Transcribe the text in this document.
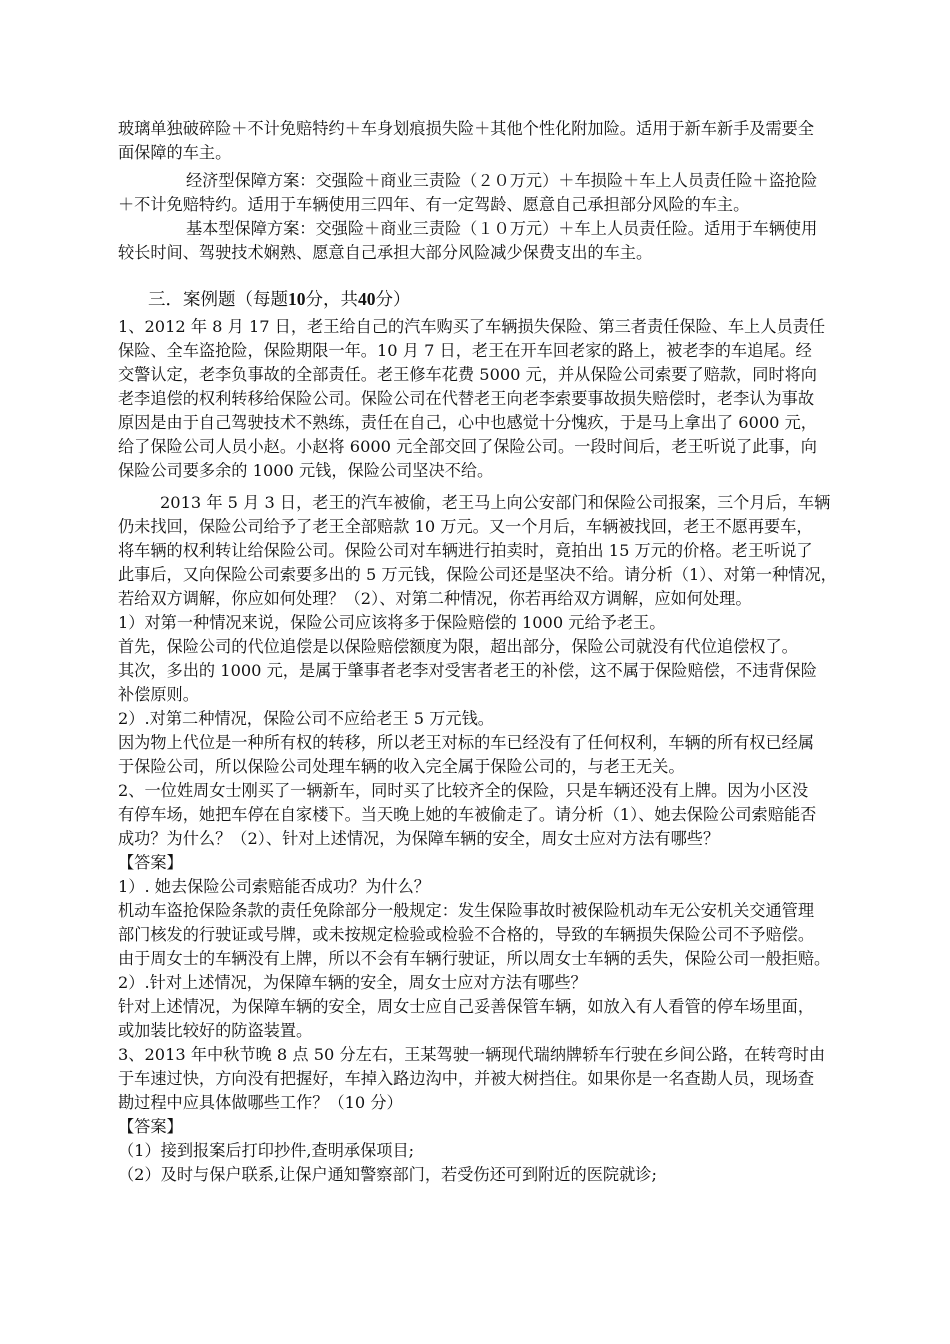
玻璃单独破碎险＋不计免赔特约＋车身划痕损失险＋其他个性化附加险。适用于新车新手及需要全
面保障的车主。
经济型保障方案：交强险＋商业三责险（２０万元）＋车损险＋车上人员责任险＋盗抢险
＋不计免赔特约。适用于车辆使用三四年、有一定驾龄、愿意自己承担部分风险的车主。
基本型保障方案：交强险＋商业三责险（１０万元）＋车上人员责任险。适用于车辆使用
较长时间、驾驶技术娴熟、愿意自己承担大部分风险减少保费支出的车主。
三．案例题（每题10分，共40分）
1、2012 年 8 月 17 日，老王给自己的汽车购买了车辆损失保险、第三者责任保险、车上人员责任
保险、全车盗抢险，保险期限一年。10 月 7 日，老王在开车回老家的路上，被老李的车追尾。经
交警认定，老李负事故的全部责任。老王修车花费 5000 元，并从保险公司索要了赔款，同时将向
老李追偿的权利转移给保险公司。保险公司在代替老王向老李索要事故损失赔偿时，老李认为事故
原因是由于自己驾驶技术不熟练，责任在自己，心中也感觉十分愧疚，于是马上拿出了 6000 元，
给了保险公司人员小赵。小赵将 6000 元全部交回了保险公司。一段时间后，老王听说了此事，向
保险公司要多余的 1000 元钱，保险公司坚决不给。
2013 年 5 月 3 日，老王的汽车被偷，老王马上向公安部门和保险公司报案，三个月后，车辆
仍未找回，保险公司给予了老王全部赔款 10 万元。又一个月后，车辆被找回，老王不愿再要车，
将车辆的权利转让给保险公司。保险公司对车辆进行拍卖时，竟拍出 15 万元的价格。老王听说了
此事后，又向保险公司索要多出的 5 万元钱，保险公司还是坚决不给。请分析（1）、对第一种情况，
若给双方调解，你应如何处理？（2）、对第二种情况，你若再给双方调解，应如何处理。
1）对第一种情况来说，保险公司应该将多于保险赔偿的 1000 元给予老王。
首先，保险公司的代位追偿是以保险赔偿额度为限，超出部分，保险公司就没有代位追偿权了。
其次，多出的 1000 元，是属于肇事者老李对受害者老王的补偿，这不属于保险赔偿，不违背保险
补偿原则。
2）.对第二种情况，保险公司不应给老王 5 万元钱。
因为物上代位是一种所有权的转移，所以老王对标的车已经没有了任何权利，车辆的所有权已经属
于保险公司，所以保险公司处理车辆的收入完全属于保险公司的，与老王无关。
2、一位姓周女士刚买了一辆新车，同时买了比较齐全的保险，只是车辆还没有上牌。因为小区没
有停车场，她把车停在自家楼下。当天晚上她的车被偷走了。请分析（1）、她去保险公司索赔能否
成功？为什么？（2）、针对上述情况，为保障车辆的安全，周女士应对方法有哪些？
【答案】
1）. 她去保险公司索赔能否成功？为什么？
机动车盗抢保险条款的责任免除部分一般规定：发生保险事故时被保险机动车无公安机关交通管理
部门核发的行驶证或号牌，或未按规定检验或检验不合格的，导致的车辆损失保险公司不予赔偿。
由于周女士的车辆没有上牌，所以不会有车辆行驶证，所以周女士车辆的丢失，保险公司一般拒赔。
2）.针对上述情况，为保障车辆的安全，周女士应对方法有哪些？
针对上述情况，为保障车辆的安全，周女士应自己妥善保管车辆，如放入有人看管的停车场里面，
或加装比较好的防盗装置。
3、2013 年中秋节晚 8 点 50 分左右，王某驾驶一辆现代瑞纳牌轿车行驶在乡间公路，在转弯时由
于车速过快，方向没有把握好，车掉入路边沟中，并被大树挡住。如果你是一名查勘人员，现场查
勘过程中应具体做哪些工作？（10 分）
【答案】
（1）接到报案后打印抄件,查明承保项目;
（2）及时与保户联系,让保户通知警察部门，若受伤还可到附近的医院就诊;
